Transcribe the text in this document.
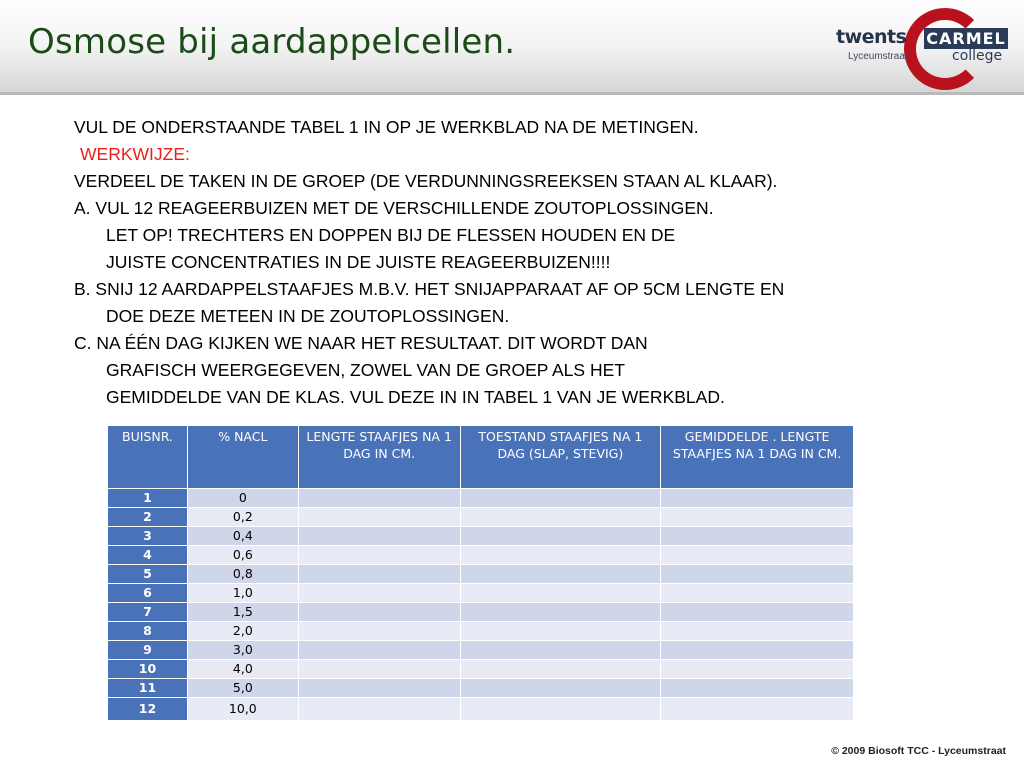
Osmose bij aardappelcellen.	twents
Lyceumstraat
CARMEL
college
VUL DE ONDERSTAANDE TABEL 1 IN OP JE WERKBLAD NA DE METINGEN.
WERKWIJZE:
VERDEEL DE TAKEN IN DE GROEP (DE VERDUNNINGSREEKSEN STAAN AL KLAAR).
A. VUL 12 REAGEERBUIZEN MET DE VERSCHILLENDE ZOUTOPLOSSINGEN.
LET OP! TRECHTERS EN DOPPEN BIJ DE FLESSEN HOUDEN EN DE
JUISTE CONCENTRATIES IN DE JUISTE REAGEERBUIZEN!!!!
B. SNIJ 12 AARDAPPELSTAAFJES M.B.V. HET SNIJAPPARAAT AF OP 5CM LENGTE EN
DOE DEZE METEEN IN DE ZOUTOPLOSSINGEN.
C. NA ÉÉN DAG KIJKEN WE NAAR HET RESULTAAT. DIT WORDT DAN
GRAFISCH WEERGEGEVEN, ZOWEL VAN DE GROEP ALS HET
GEMIDDELDE VAN DE KLAS. VUL DEZE IN IN TABEL 1 VAN JE WERKBLAD.
BUISNR.	% NACL	LENGTE STAAFJES NA 1 DAG IN CM.	TOESTAND STAAFJES NA 1 DAG (SLAP, STEVIG)	GEMIDDELDE . LENGTE STAAFJES NA 1 DAG IN CM.
1	0			
2	0,2			
3	0,4			
4	0,6			
5	0,8			
6	1,0			
7	1,5			
8	2,0			
9	3,0			
10	4,0			
11	5,0			
12	10,0			
© 2009 Biosoft TCC - Lyceumstraat
